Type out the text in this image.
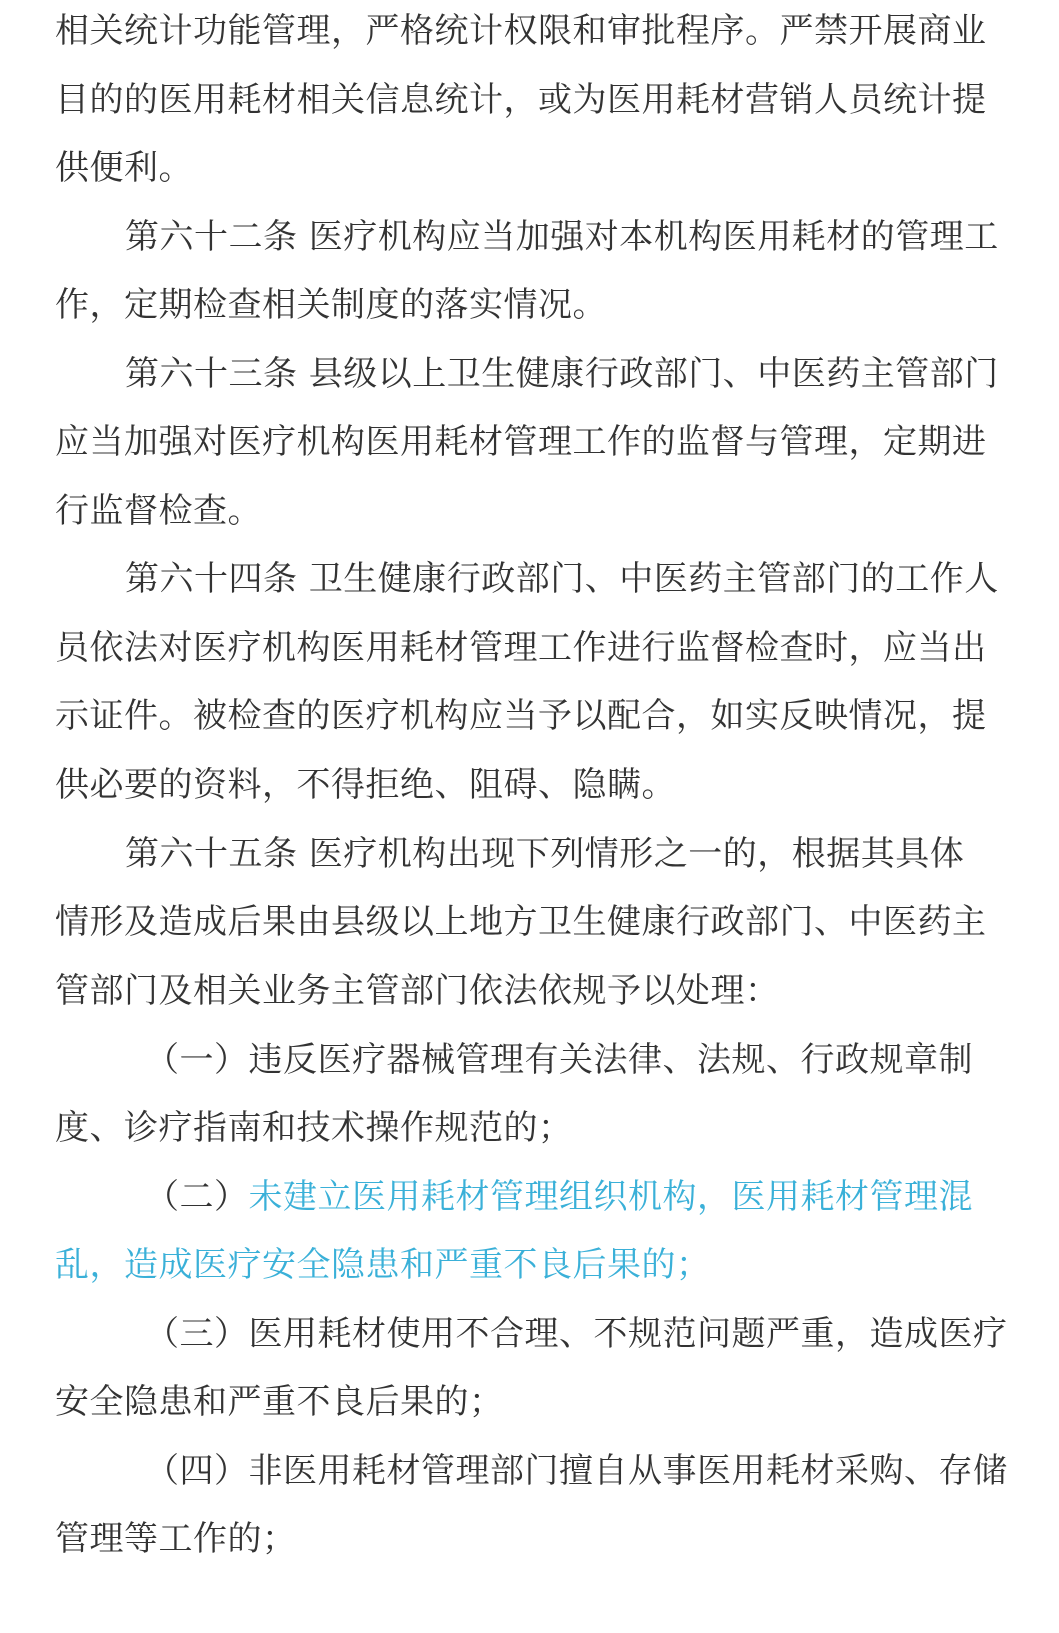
相关统计功能管理，严格统计权限和审批程序。严禁开展商业
目的的医用耗材相关信息统计，或为医用耗材营销人员统计提
供便利。
第六十二条 医疗机构应当加强对本机构医用耗材的管理工
作，定期检查相关制度的落实情况。
第六十三条 县级以上卫生健康行政部门、中医药主管部门
应当加强对医疗机构医用耗材管理工作的监督与管理，定期进
行监督检查。
第六十四条 卫生健康行政部门、中医药主管部门的工作人
员依法对医疗机构医用耗材管理工作进行监督检查时，应当出
示证件。被检查的医疗机构应当予以配合，如实反映情况，提
供必要的资料，不得拒绝、阻碍、隐瞒。
第六十五条 医疗机构出现下列情形之一的，根据其具体
情形及造成后果由县级以上地方卫生健康行政部门、中医药主
管部门及相关业务主管部门依法依规予以处理：
（一）违反医疗器械管理有关法律、法规、行政规章制
度、诊疗指南和技术操作规范的；
（二）未建立医用耗材管理组织机构，医用耗材管理混
乱，造成医疗安全隐患和严重不良后果的；
（三）医用耗材使用不合理、不规范问题严重，造成医疗
安全隐患和严重不良后果的；
（四）非医用耗材管理部门擅自从事医用耗材采购、存储
管理等工作的；
